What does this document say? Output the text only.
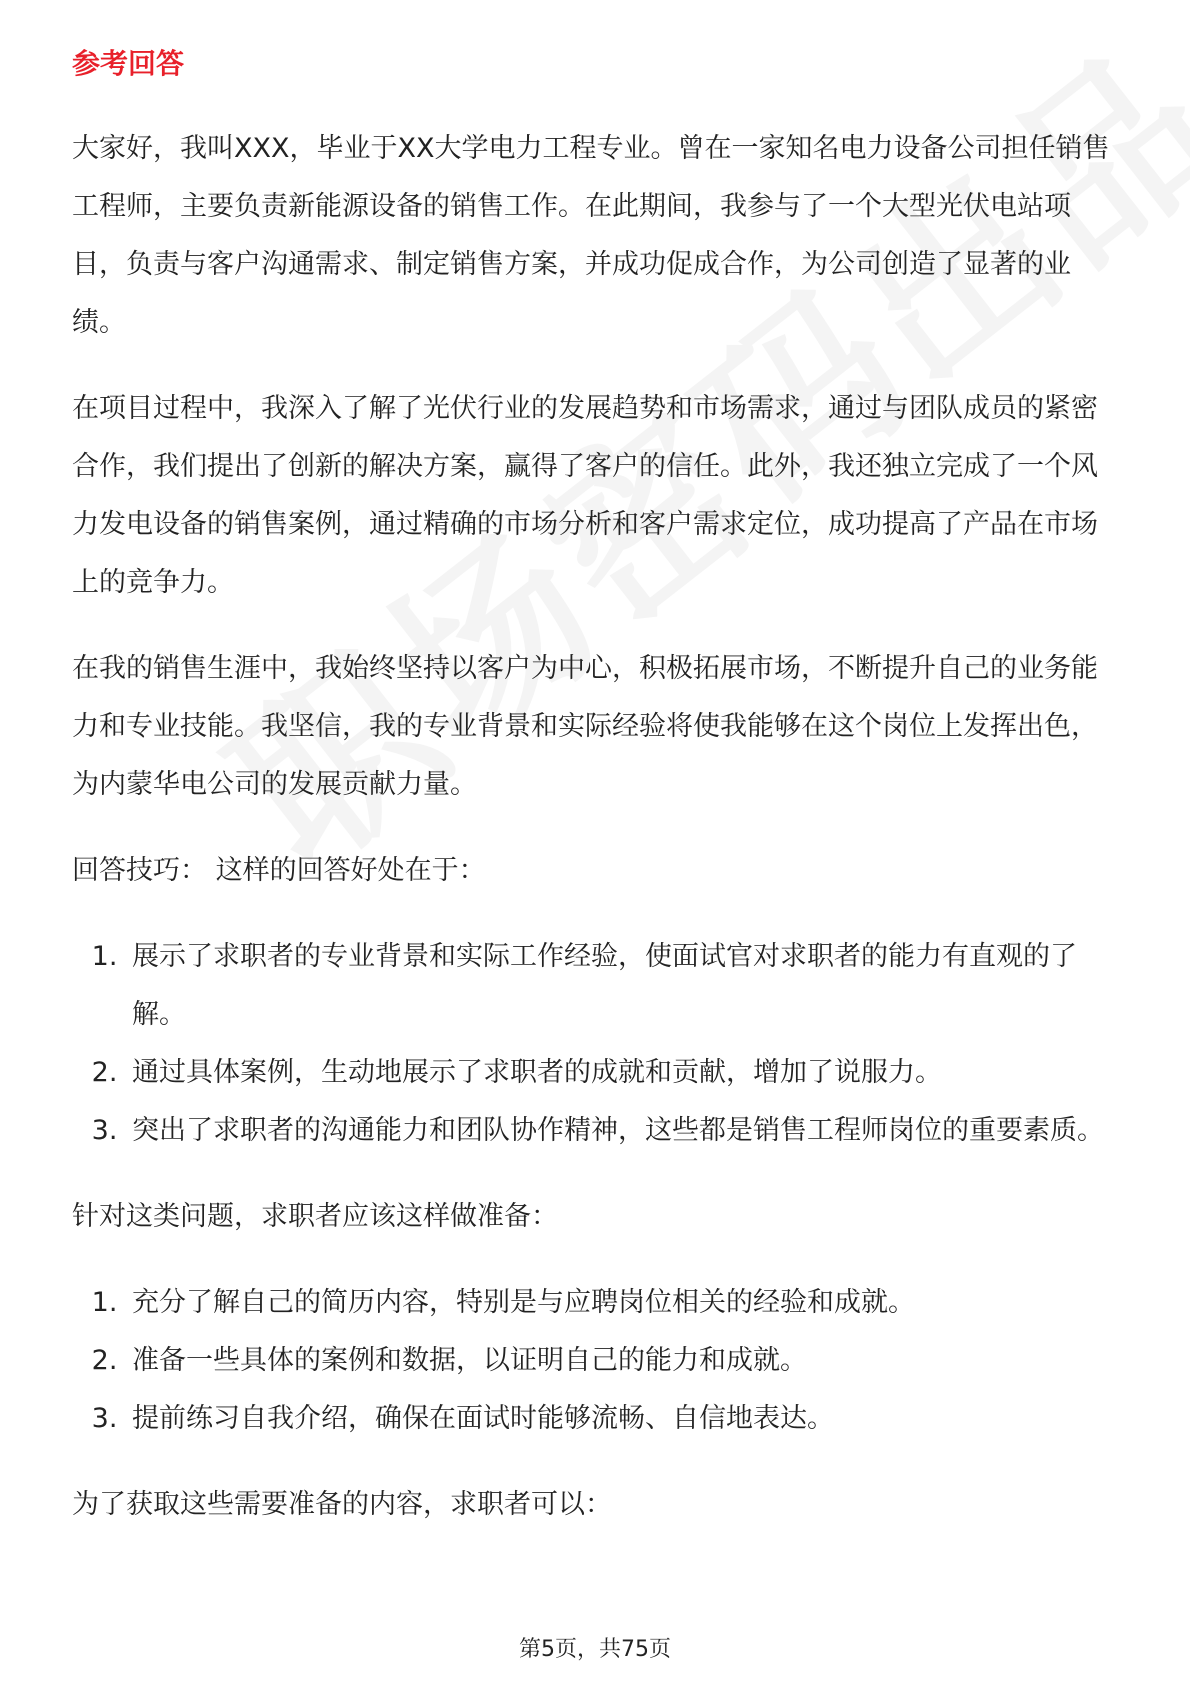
参考回答

大家好，我叫XXX，毕业于XX大学电力工程专业。曾在一家知名电力设备公司担任销售工程师，主要负责新能源设备的销售工作。在此期间，我参与了一个大型光伏电站项目，负责与客户沟通需求、制定销售方案，并成功促成合作，为公司创造了显著的业绩。

在项目过程中，我深入了解了光伏行业的发展趋势和市场需求，通过与团队成员的紧密合作，我们提出了创新的解决方案，赢得了客户的信任。此外，我还独立完成了一个风力发电设备的销售案例，通过精确的市场分析和客户需求定位，成功提高了产品在市场上的竞争力。

在我的销售生涯中，我始终坚持以客户为中心，积极拓展市场，不断提升自己的业务能力和专业技能。我坚信，我的专业背景和实际经验将使我能够在这个岗位上发挥出色，为内蒙华电公司的发展贡献力量。

回答技巧： 这样的回答好处在于：

1. 展示了求职者的专业背景和实际工作经验，使面试官对求职者的能力有直观的了解。
2. 通过具体案例，生动地展示了求职者的成就和贡献，增加了说服力。
3. 突出了求职者的沟通能力和团队协作精神，这些都是销售工程师岗位的重要素质。

针对这类问题，求职者应该这样做准备：

1. 充分了解自己的简历内容，特别是与应聘岗位相关的经验和成就。
2. 准备一些具体的案例和数据，以证明自己的能力和成就。
3. 提前练习自我介绍，确保在面试时能够流畅、自信地表达。

为了获取这些需要准备的内容，求职者可以：

第5页，共75页
